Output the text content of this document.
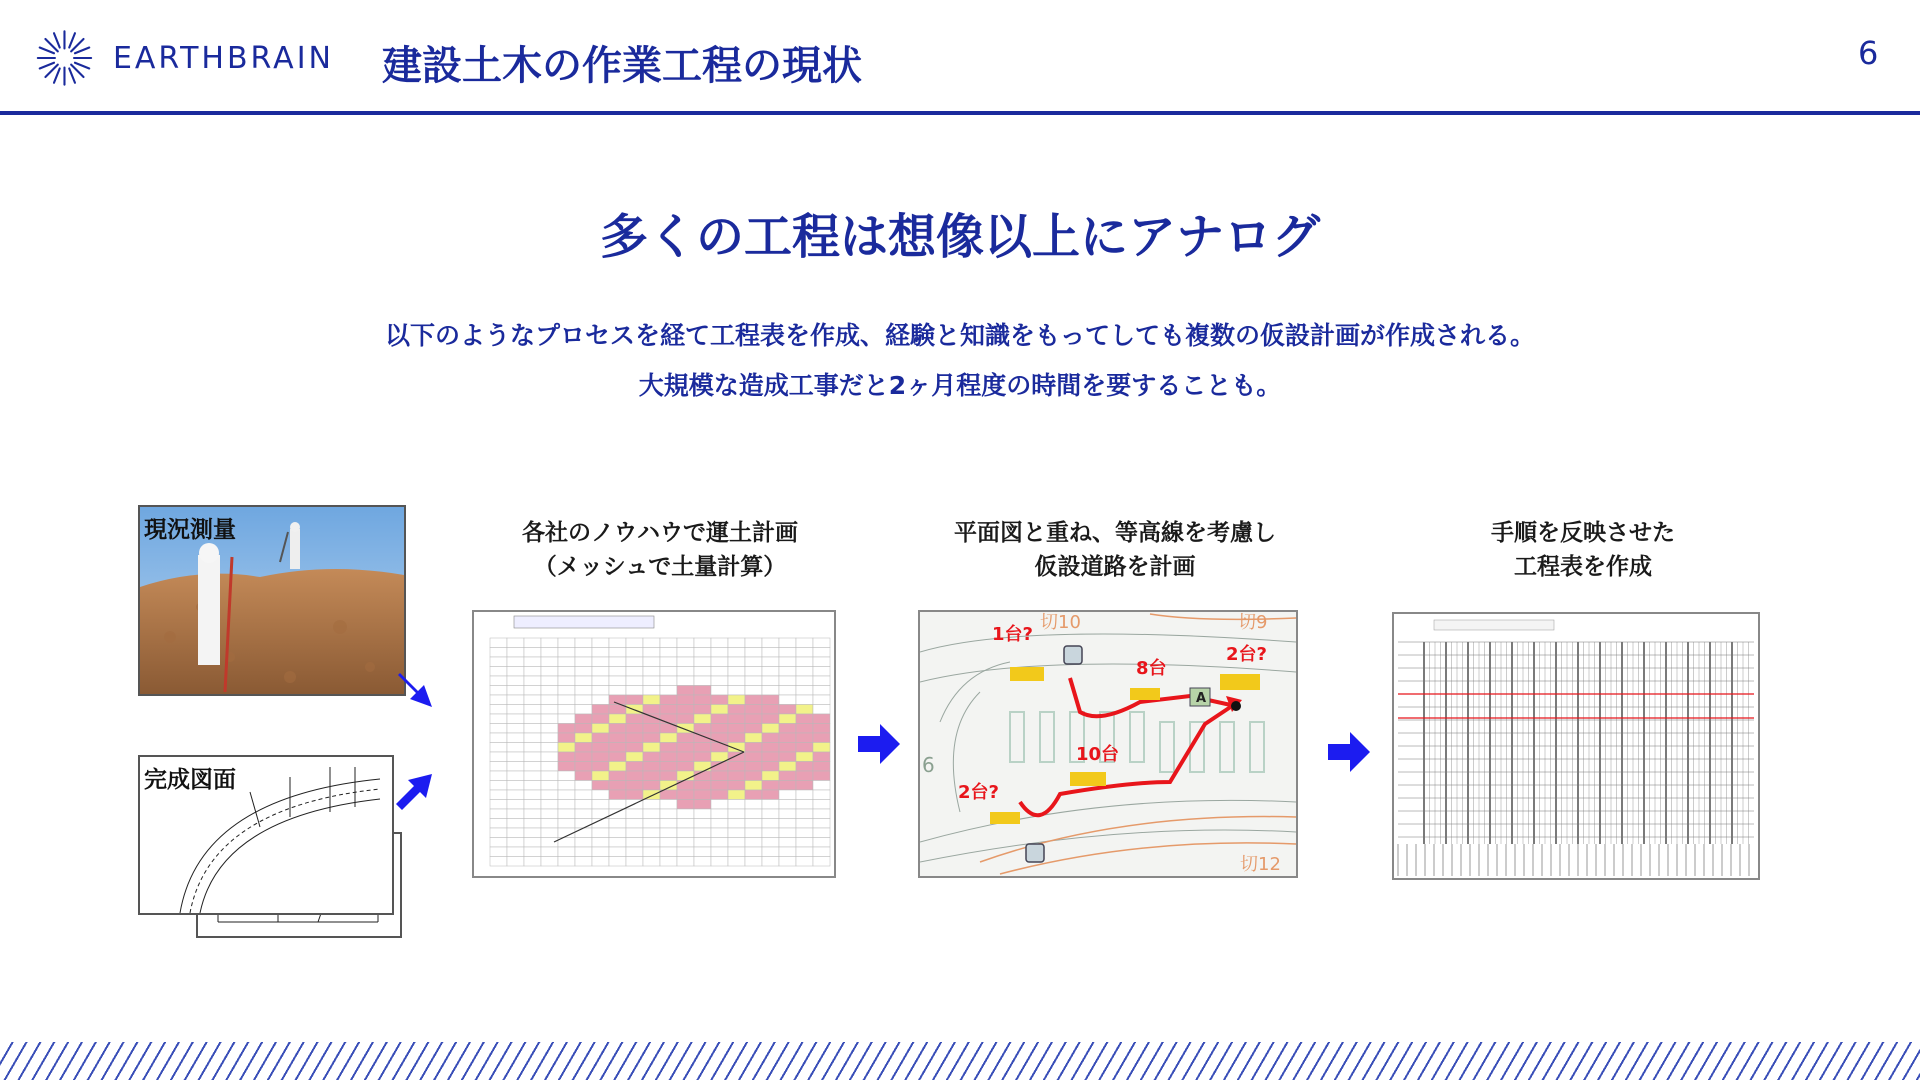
EARTHBRAIN 建設土木の作業工程の現状	6
多くの工程は想像以上にアナログ
以下のようなプロセスを経て工程表を作成、経験と知識をもってしても複数の仮設計画が作成される。
大規模な造成工事だと2ヶ月程度の時間を要することも。
現況測量
完成図面
各社のノウハウで運土計画
（メッシュで土量計算）
平面図と重ね、等高線を考慮し
仮設道路を計画
A
1台?
8台
2台?
10台
2台?
切10	切9
切12
6
手順を反映させた
工程表を作成
